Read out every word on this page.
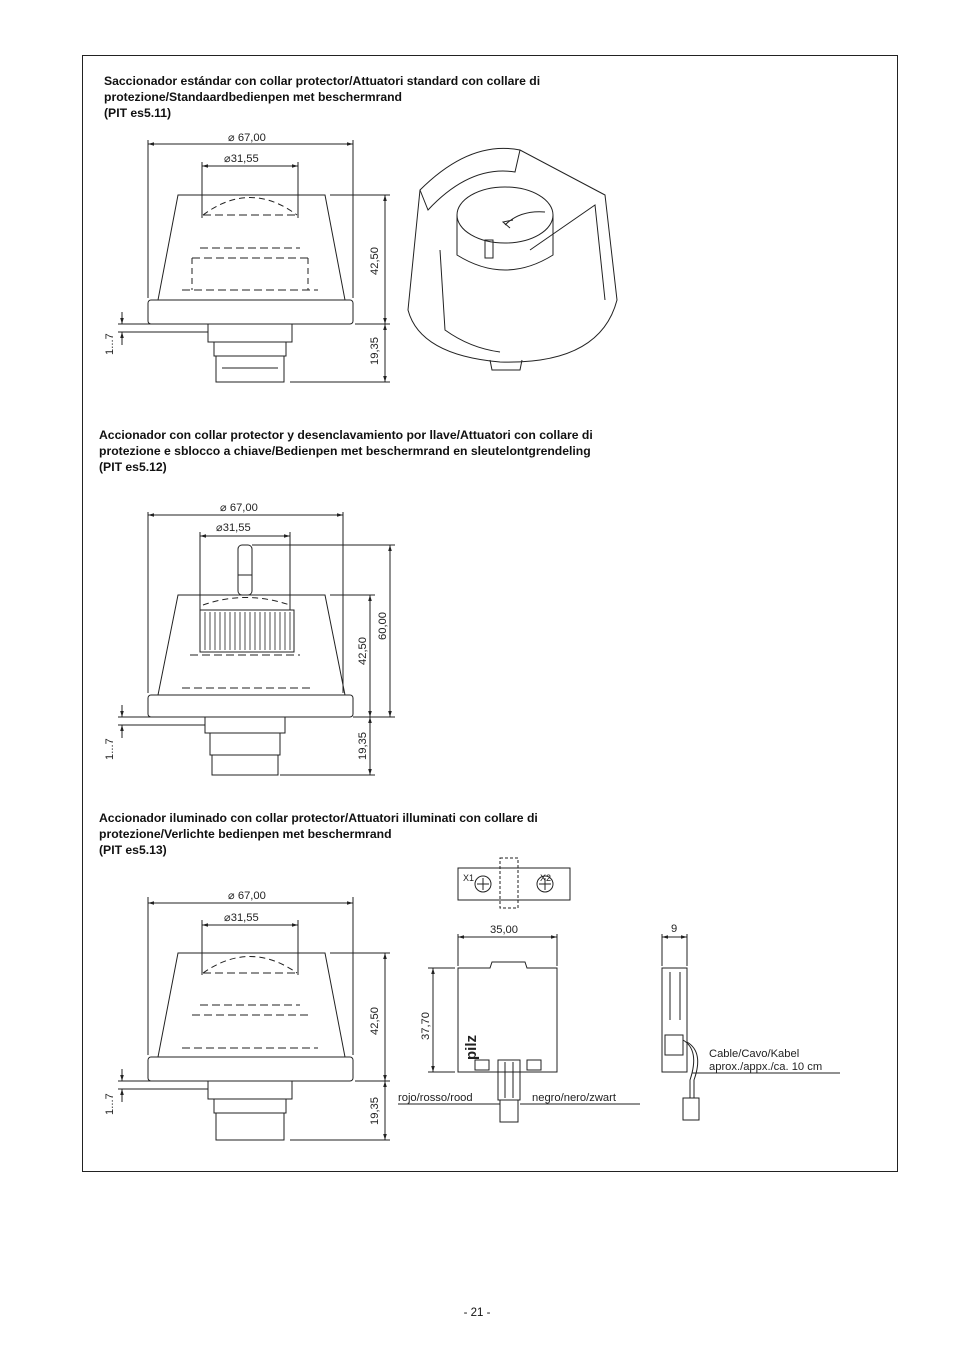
Saccionador estándar con collar protector/Attuatori standard con collare di
protezione/Standaardbedienpen met beschermrand
(PIT es5.11)
Accionador con collar protector y desenclavamiento por llave/Attuatori con collare di
protezione e sblocco a chiave/Bedienpen met beschermrand en sleutelontgrendeling
(PIT es5.12)
Accionador iluminado con collar protector/Attuatori illuminati con collare di
protezione/Verlichte bedienpen met beschermrand
(PIT es5.13)
⌀ 67,00
⌀31,55
42,50
19,35
1...7
⌀ 67,00
⌀31,55
42,50
60,00
19,35
1...7
⌀ 67,00
⌀31,55
42,50
19,35
1...7
X1	X2
35,00
37,70
pilz
rojo/rosso/rood	negro/nero/zwart
9
Cable/Cavo/Kabel
aprox./appx./ca. 10 cm
- 21 -
